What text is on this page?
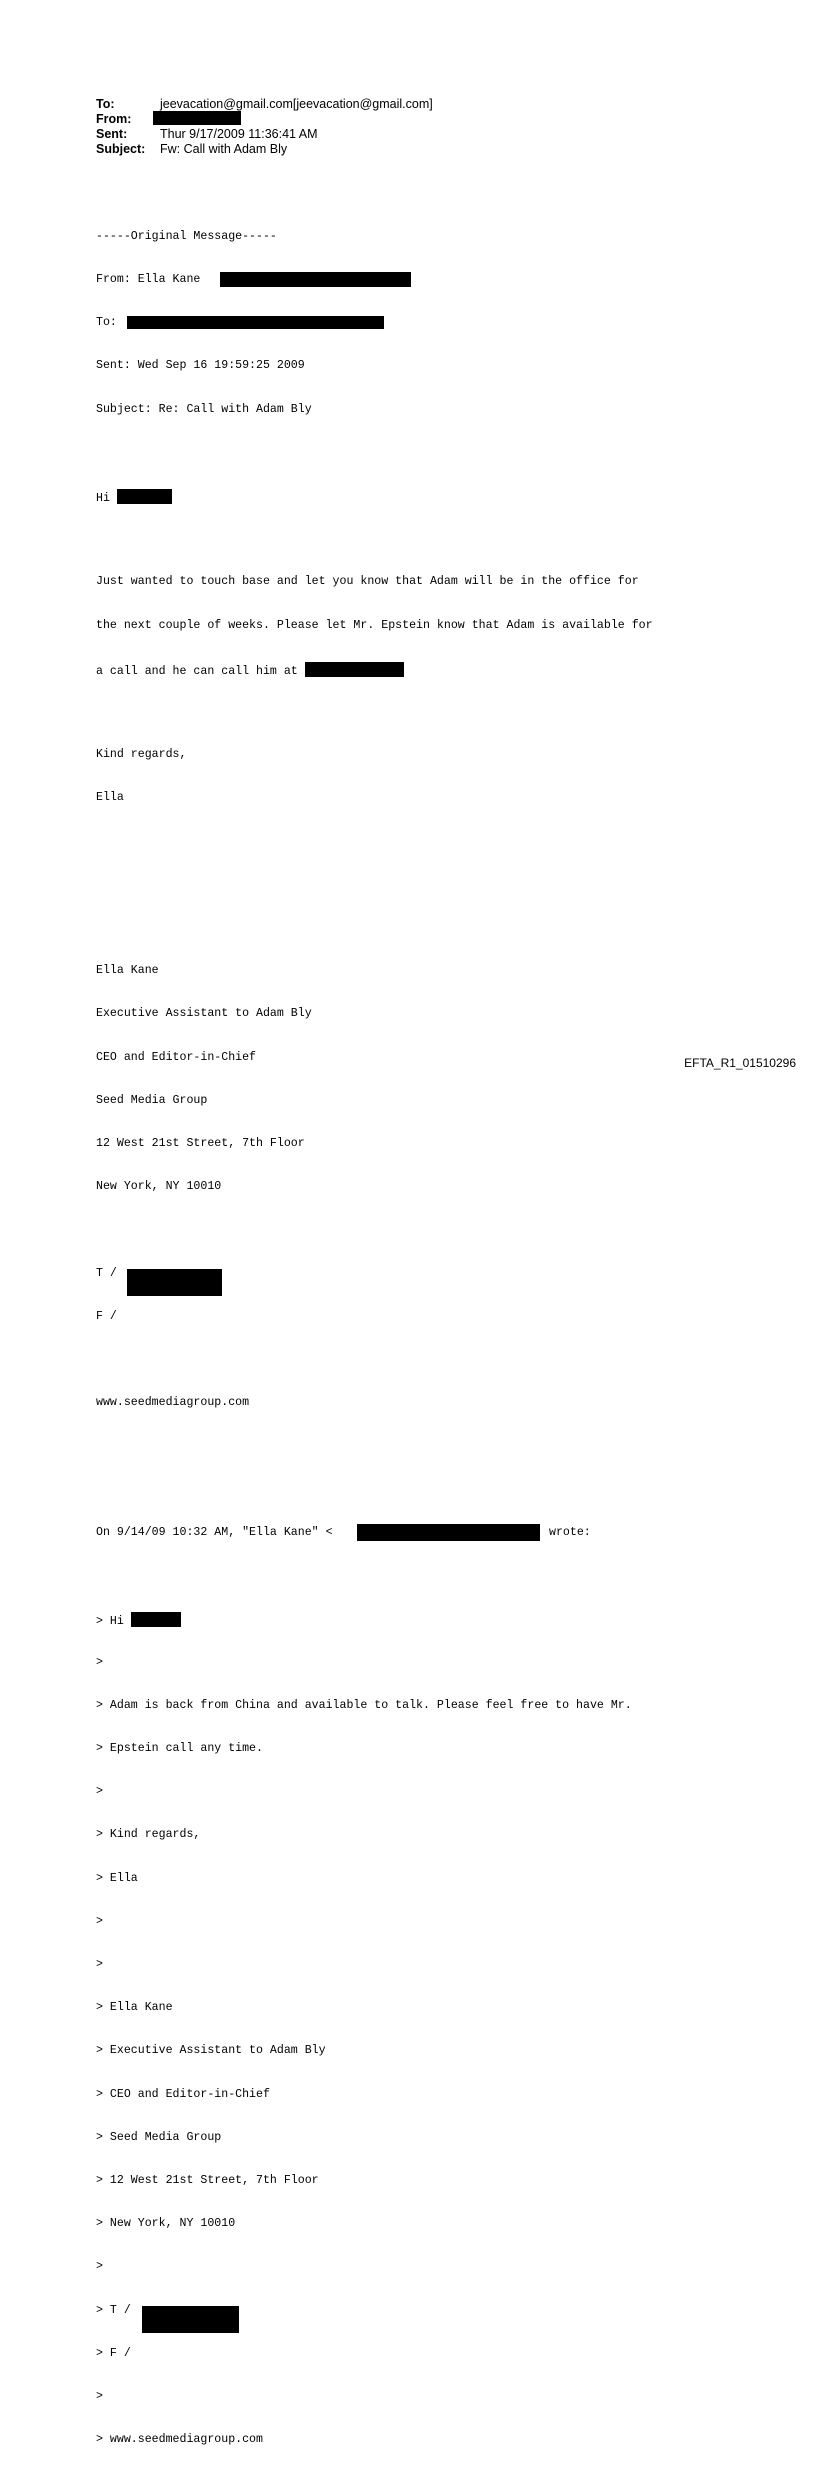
To:	jeevacation@gmail.com[jeevacation@gmail.com]
From:
Sent:	Thur 9/17/2009 11:36:41 AM
Subject: Fw: Call with Adam Bly

-----Original Message-----

From: Ella Kane

To:

Sent: Wed Sep 16 19:59:25 2009

Subject: Re: Call with Adam Bly

Hi

Just wanted to touch base and let you know that Adam will be in the office for

the next couple of weeks. Please let Mr. Epstein know that Adam is available for

a call and he can call him at

Kind regards,

Ella

Ella Kane

Executive Assistant to Adam Bly

CEO and Editor-in-Chief

Seed Media Group

12 West 21st Street, 7th Floor

New York, NY 10010

T /

F /

www.seedmediagroup.com

On 9/14/09 10:32 AM, "Ella Kane" <	wrote:

> Hi

>

> Adam is back from China and available to talk. Please feel free to have Mr.

> Epstein call any time.

>

> Kind regards,

> Ella

>

>

> Ella Kane

> Executive Assistant to Adam Bly

> CEO and Editor-in-Chief

> Seed Media Group

> 12 West 21st Street, 7th Floor

> New York, NY 10010

>

> T /

> F /

>

> www.seedmediagroup.com

EFTA_R1_01510296
